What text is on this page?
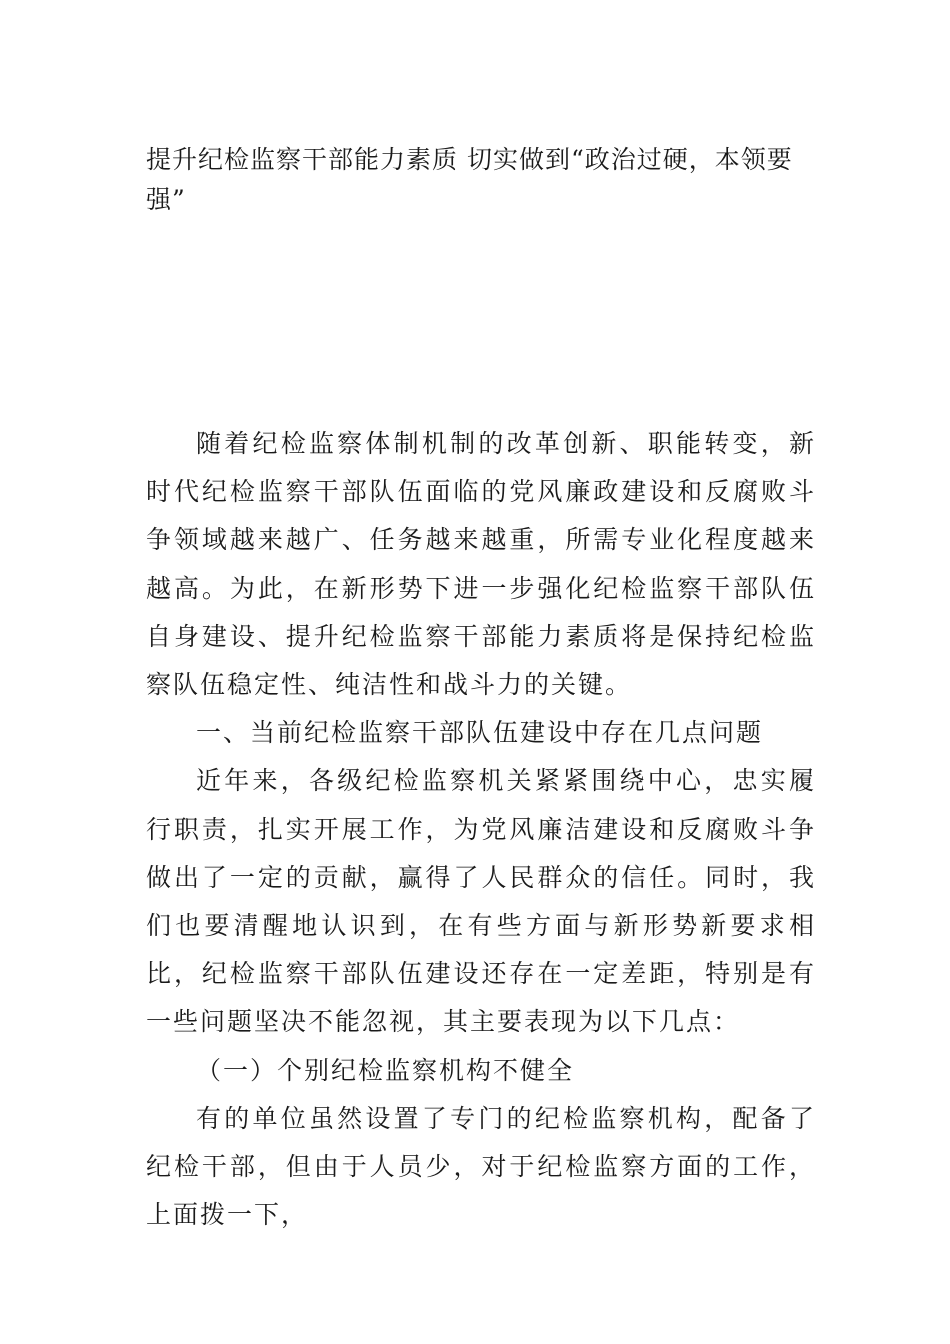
提升纪检监察干部能力素质 切实做到“政治过硬，本领要强”

随着纪检监察体制机制的改革创新、职能转变，新时代纪检监察干部队伍面临的党风廉政建设和反腐败斗争领域越来越广、任务越来越重，所需专业化程度越来越高。为此，在新形势下进一步强化纪检监察干部队伍自身建设、提升纪检监察干部能力素质将是保持纪检监察队伍稳定性、纯洁性和战斗力的关键。

一、当前纪检监察干部队伍建设中存在几点问题

近年来，各级纪检监察机关紧紧围绕中心，忠实履行职责，扎实开展工作，为党风廉洁建设和反腐败斗争做出了一定的贡献，赢得了人民群众的信任。同时，我们也要清醒地认识到，在有些方面与新形势新要求相比，纪检监察干部队伍建设还存在一定差距，特别是有一些问题坚决不能忽视，其主要表现为以下几点：

（一）个别纪检监察机构不健全

有的单位虽然设置了专门的纪检监察机构，配备了纪检干部，但由于人员少，对于纪检监察方面的工作，上面拨一下，
